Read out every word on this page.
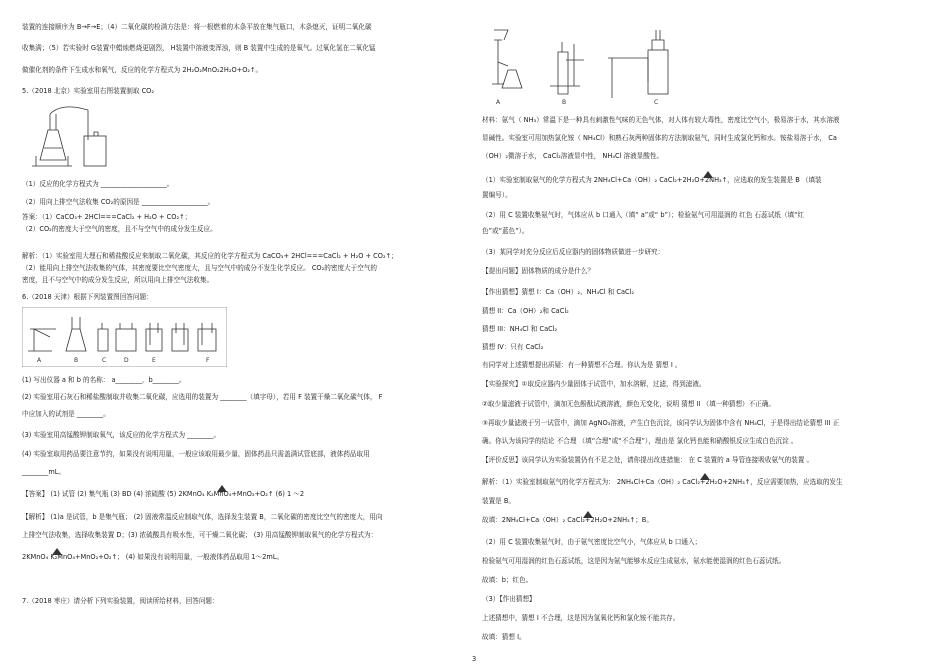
装置的连接顺序为 B→F→E；（4）二氧化碳的检满方法是：将一根燃着的木条平放在集气瓶口，木条熄灭，证明二氧化碳
收集满；（5）若实验时 G装置中蜡烛燃烧更剧烈， H装置中溶液变浑浊，则 B 装置中生成的是氧气。过氧化氢在二氧化锰
做催化剂的条件下生成水和氧气，反应的化学方程式为 2H₂O₂MnO₂2H₂O+O₂↑。
5.（2018 北京）实验室用右图装置制取 CO₂
（1）反应的化学方程式为 ____________________。
（2）用向上排空气法收集 CO₂的原因是 ____________________。
答案：（1）CaCO₃+ 2HCl===CaCl₂ + H₂O + CO₂↑；
（2）CO₂的密度大于空气的密度，且不与空气中的成分发生反应。
解析：（1）实验室用大理石和稀盐酸反应来制取二氧化碳，其反应的化学方程式为 CaCO₃+ 2HCl===CaCl₂ + H₂O + CO₂↑；
（2）能用向上排空气法收集的气体，其密度要比空气密度大，且与空气中的成分不发生化学反应。 CO₂的密度大于空气的
密度，且不与空气中的成分发生反应，所以用向上排空气法收集。
6.（2018 天津）根据下列装置图回答问题：
A	B	C	D	E	F
(1) 写出仪器 a 和 b 的名称： a________，b________。
(2) 实验室用石灰石和稀盐酸制取并收集二氧化碳，应选用的装置为 ________（填字母），若用 F 装置干燥二氧化碳气体， F
中应加入的试剂是 ________。
(3) 实验室用高锰酸钾制取氧气，该反应的化学方程式为 ________。
(4) 实验室取用药品要注意节约，如果没有说明用量，一般应该取用最少量，固体药品只需盖满试管底部，液体药品取用
________mL。
【答案】 (1) 试管 (2) 集气瓶 (3) BD (4) 浓硫酸 (5) 2KMnO₄ K₂MnO₄+MnO₂+O₂↑ (6) 1 ～2
【解析】 (1)a 是试管，b 是集气瓶； (2) 固液常温反应制取气体，选择发生装置 B，二氧化碳的密度比空气的密度大，用向
上排空气法收集，选择收集装置 D；(3) 浓硫酸具有吸水性，可干燥二氧化碳； (3) 用高锰酸钾制取氧气的化学方程式为：
2KMnO₄ K₂MnO₄+MnO₂+O₂↑； (4) 如果没有说明用量，一般液体药品取用 1～2mL。
7.（2018 枣庄）请分析下列实验装置，阅读所给材料，回答问题：
A	B	C
材料：氨气（ NH₃）常温下是一种具有刺激性气味的无色气体，对人体有较大毒性，密度比空气小，极易溶于水，其水溶液
显碱性。实验室可用加热氯化铵（ NH₄Cl）和熟石灰两种固体的方法制取氨气，同时生成氯化钙和水。铵盐易溶于水， Ca
（OH）₂微溶于水， CaCl₂溶液显中性， NH₄Cl 溶液显酸性。
（1）实验室制取氨气的化学方程式为 2NH₄Cl+Ca（OH）₂ CaCl₂+2H₂O+2NH₃↑，应选取的发生装置是 B （填装
置编号）。
（2）用 C 装置收集氨气时，气体应从 b 口通入（填“ a”或“ b”）；检验氨气可用湿润的 红色 石蕊试纸（填“红
色”或“蓝色”）。
（3）某同学对充分反应后反应器内的固体物质做进一步研究：
【提出问题】固体物质的成分是什么？
【作出猜想】猜想 I：Ca（OH）₂、NH₄Cl 和 CaCl₂
猜想 II：Ca（OH）₂和 CaCl₂
猜想 III：NH₄Cl 和 CaCl₂
猜想 IV：只有 CaCl₂
有同学对上述猜想提出质疑：有一种猜想不合理。你认为是 猜想 I 。
【实验探究】①取反应器内少量固体于试管中，加水溶解，过滤，得到滤液。
②取少量滤液于试管中，滴加无色酚酞试液溶液，颜色无变化，说明 猜想 II （填一种猜想）不正确。
③再取少量滤液于另一试管中，滴加 AgNO₃溶液，产生白色沉淀，该同学认为固体中含有 NH₄Cl，于是得出结论猜想 III 正
确。你认为该同学的结论 不合理 （填“合理”或“不合理”），理由是 氯化钙也能和硝酸银反应生成白色沉淀 。
【评价反思】该同学认为实验装置仍有不足之处，请你提出改进措施： 在 C 装置的 a 导管连接吸收氨气的装置 。
解析：（1）实验室制取氨气的化学方程式为： 2NH₄Cl+Ca（OH）₂ CaCl₂+2H₂O+2NH₃↑，反应需要加热，应选取的发生
装置是 B。
故填：2NH₄Cl+Ca（OH）₂ CaCl₂+2H₂O+2NH₃↑；B。
（2）用 C 装置收集氨气时，由于氨气密度比空气小，气体应从 b 口通入；
检验氨气可用湿润的红色石蕊试纸，这是因为氨气能够水反应生成氨水，氨水能使湿润的红色石蕊试纸。
故填：b；红色。
（3）【作出猜想】
上述猜想中，猜想 I 不合理，这是因为氢氧化钙和氯化铵不能共存。
故填：猜想 I。
3
